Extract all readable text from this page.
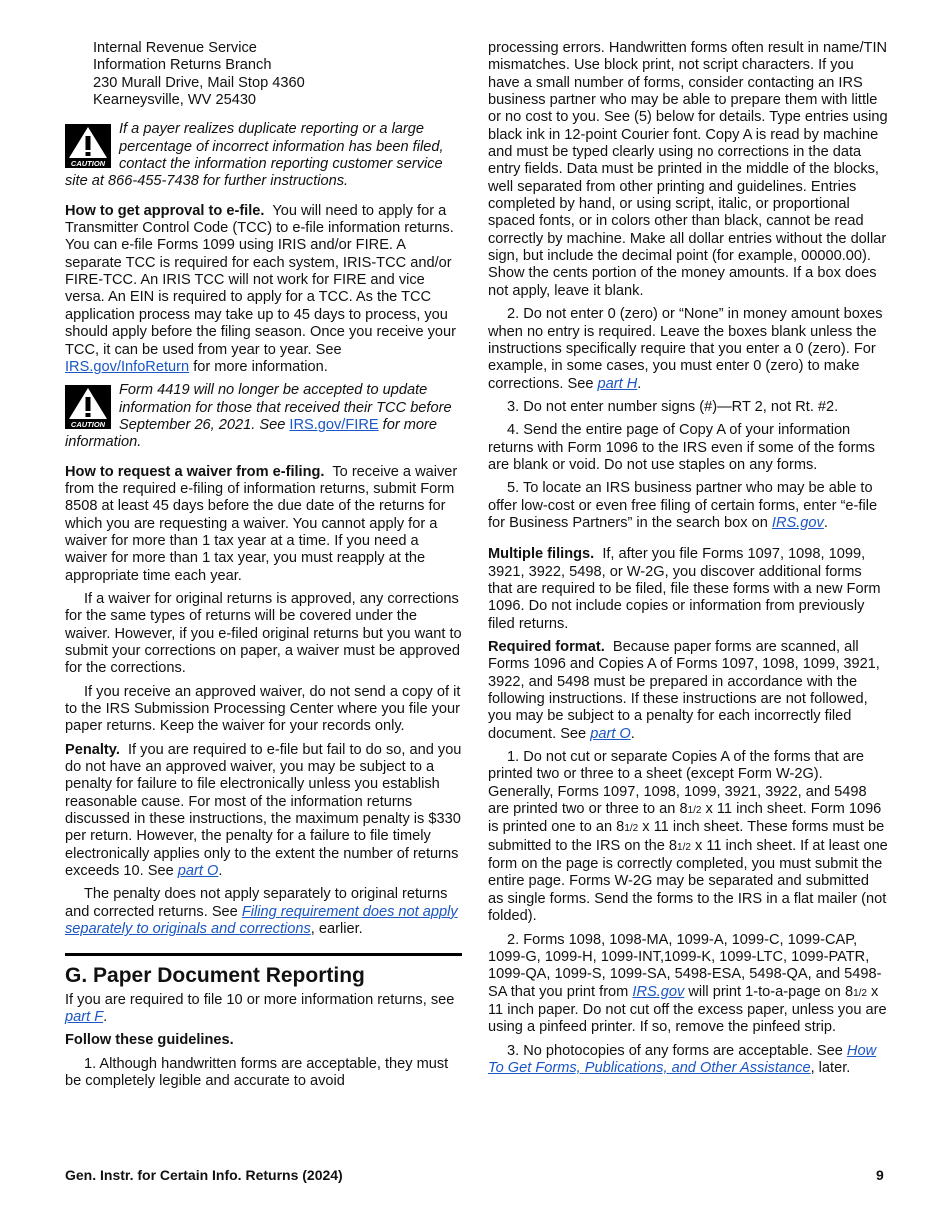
Internal Revenue Service
Information Returns Branch
230 Murall Drive, Mail Stop 4360
Kearneysville, WV 25430
CAUTION
If a payer realizes duplicate reporting or a large percentage of incorrect information has been filed, contact the information reporting customer service site at 866-455-7438 for further instructions.

How to get approval to e-file. You will need to apply for a Transmitter Control Code (TCC) to e-file information returns. You can e-file Forms 1099 using IRIS and/or FIRE. A separate TCC is required for each system, IRIS-TCC and/or FIRE-TCC. An IRIS TCC will not work for FIRE and vice versa. An EIN is required to apply for a TCC. As the TCC application process may take up to 45 days to process, you should apply before the filing season. Once you receive your TCC, it can be used from year to year. See IRS.gov/InfoReturn for more information.

CAUTION
Form 4419 will no longer be accepted to update information for those that received their TCC before September 26, 2021. See IRS.gov/FIRE for more information.

How to request a waiver from e-filing. To receive a waiver from the required e-filing of information returns, submit Form 8508 at least 45 days before the due date of the returns for which you are requesting a waiver. You cannot apply for a waiver for more than 1 tax year at a time. If you need a waiver for more than 1 tax year, you must reapply at the appropriate time each year.

If a waiver for original returns is approved, any corrections for the same types of returns will be covered under the waiver. However, if you e-filed original returns but you want to submit your corrections on paper, a waiver must be approved for the corrections.

If you receive an approved waiver, do not send a copy of it to the IRS Submission Processing Center where you file your paper returns. Keep the waiver for your records only.

Penalty. If you are required to e-file but fail to do so, and you do not have an approved waiver, you may be subject to a penalty for failure to file electronically unless you establish reasonable cause. For most of the information returns discussed in these instructions, the maximum penalty is $330 per return. However, the penalty for a failure to file timely electronically applies only to the extent the number of returns exceeds 10. See part O.

The penalty does not apply separately to original returns and corrected returns. See Filing requirement does not apply separately to originals and corrections, earlier.

G. Paper Document Reporting

If you are required to file 10 or more information returns, see part F.

Follow these guidelines.

1. Although handwritten forms are acceptable, they must be completely legible and accurate to avoid

processing errors. Handwritten forms often result in name/TIN mismatches. Use block print, not script characters. If you have a small number of forms, consider contacting an IRS business partner who may be able to prepare them with little or no cost to you. See (5) below for details. Type entries using black ink in 12-point Courier font. Copy A is read by machine and must be typed clearly using no corrections in the data entry fields. Data must be printed in the middle of the blocks, well separated from other printing and guidelines. Entries completed by hand, or using script, italic, or proportional spaced fonts, or in colors other than black, cannot be read correctly by machine. Make all dollar entries without the dollar sign, but include the decimal point (for example, 00000.00). Show the cents portion of the money amounts. If a box does not apply, leave it blank.

2. Do not enter 0 (zero) or “None” in money amount boxes when no entry is required. Leave the boxes blank unless the instructions specifically require that you enter a 0 (zero). For example, in some cases, you must enter 0 (zero) to make corrections. See part H.

3. Do not enter number signs (#)—RT 2, not Rt. #2.

4. Send the entire page of Copy A of your information returns with Form 1096 to the IRS even if some of the forms are blank or void. Do not use staples on any forms.

5. To locate an IRS business partner who may be able to offer low-cost or even free filing of certain forms, enter “e-file for Business Partners” in the search box on IRS.gov.

Multiple filings. If, after you file Forms 1097, 1098, 1099, 3921, 3922, 5498, or W-2G, you discover additional forms that are required to be filed, file these forms with a new Form 1096. Do not include copies or information from previously filed returns.

Required format. Because paper forms are scanned, all Forms 1096 and Copies A of Forms 1097, 1098, 1099, 3921, 3922, and 5498 must be prepared in accordance with the following instructions. If these instructions are not followed, you may be subject to a penalty for each incorrectly filed document. See part O.

1. Do not cut or separate Copies A of the forms that are printed two or three to a sheet (except Form W-2G). Generally, Forms 1097, 1098, 1099, 3921, 3922, and 5498 are printed two or three to an 81/2 x 11 inch sheet. Form 1096 is printed one to an 81/2 x 11 inch sheet. These forms must be submitted to the IRS on the 81/2 x 11 inch sheet. If at least one form on the page is correctly completed, you must submit the entire page. Forms W-2G may be separated and submitted as single forms. Send the forms to the IRS in a flat mailer (not folded).

2. Forms 1098, 1098-MA, 1099-A, 1099-C, 1099-CAP, 1099-G, 1099-H, 1099-INT,1099-K, 1099-LTC, 1099-PATR, 1099-QA, 1099-S, 1099-SA, 5498-ESA, 5498-QA, and 5498-SA that you print from IRS.gov will print 1-to-a-page on 81/2 x 11 inch paper. Do not cut off the excess paper, unless you are using a pinfeed printer. If so, remove the pinfeed strip.

3. No photocopies of any forms are acceptable. See How To Get Forms, Publications, and Other Assistance, later.

Gen. Instr. for Certain Info. Returns (2024)	9
